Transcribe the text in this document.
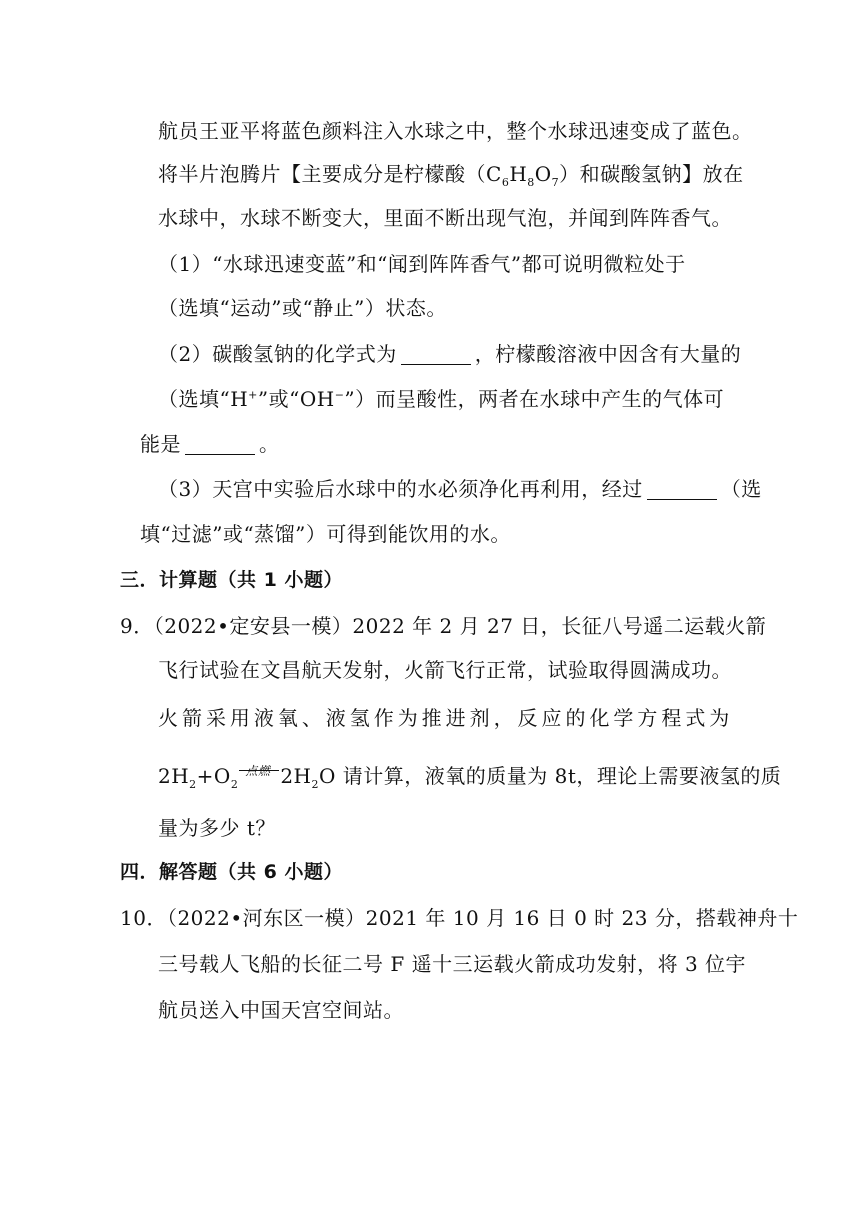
航员王亚平将蓝色颜料注入水球之中，整个水球迅速变成了蓝色。
将半片泡腾片【主要成分是柠檬酸$(C_6H_8O_7)$和碳酸氢钠】放在
水球中，水球不断变大，里面不断出现气泡，并闻到阵阵香气。
（1）“水球迅速变蓝”和“闻到阵阵香气”都可说明微粒处于
（选填“运动”或“静止”）状态。
（2）碳酸氢钠的化学式为	，柠檬酸溶液中因含有大量的
（选填“H+”或“OH−”）而呈酸性，两者在水球中产生的气体可
能是	。
（3）天宫中实验后水球中的水必须净化再利用，经过	（选
填“过滤”或“蒸馏”）可得到能饮用的水。
三．计算题（共 1 小题）
9．（2022•定安县一模）2022 年 2 月 27 日，长征八号遥二运载火箭
飞行试验在文昌航天发射，火箭飞行正常，试验取得圆满成功。
火 箭 采 用 液 氧 、 液 氢 作 为 推 进 剂 ， 反 应 的 化 学 方 程 式 为
$2H_2+O_2$
点燃 $2H_2O$ 请计算，液氧的质量为 8t，理论上需要液氢的质
量为多少 t？
四．解答题（共 6 小题）
10．（2022•河东区一模）2021 年 10 月 16 日 0 时 23 分，搭载神舟十
三号载人飞船的长征二号 F 遥十三运载火箭成功发射，将 3 位宇
航员送入中国天宫空间站。
